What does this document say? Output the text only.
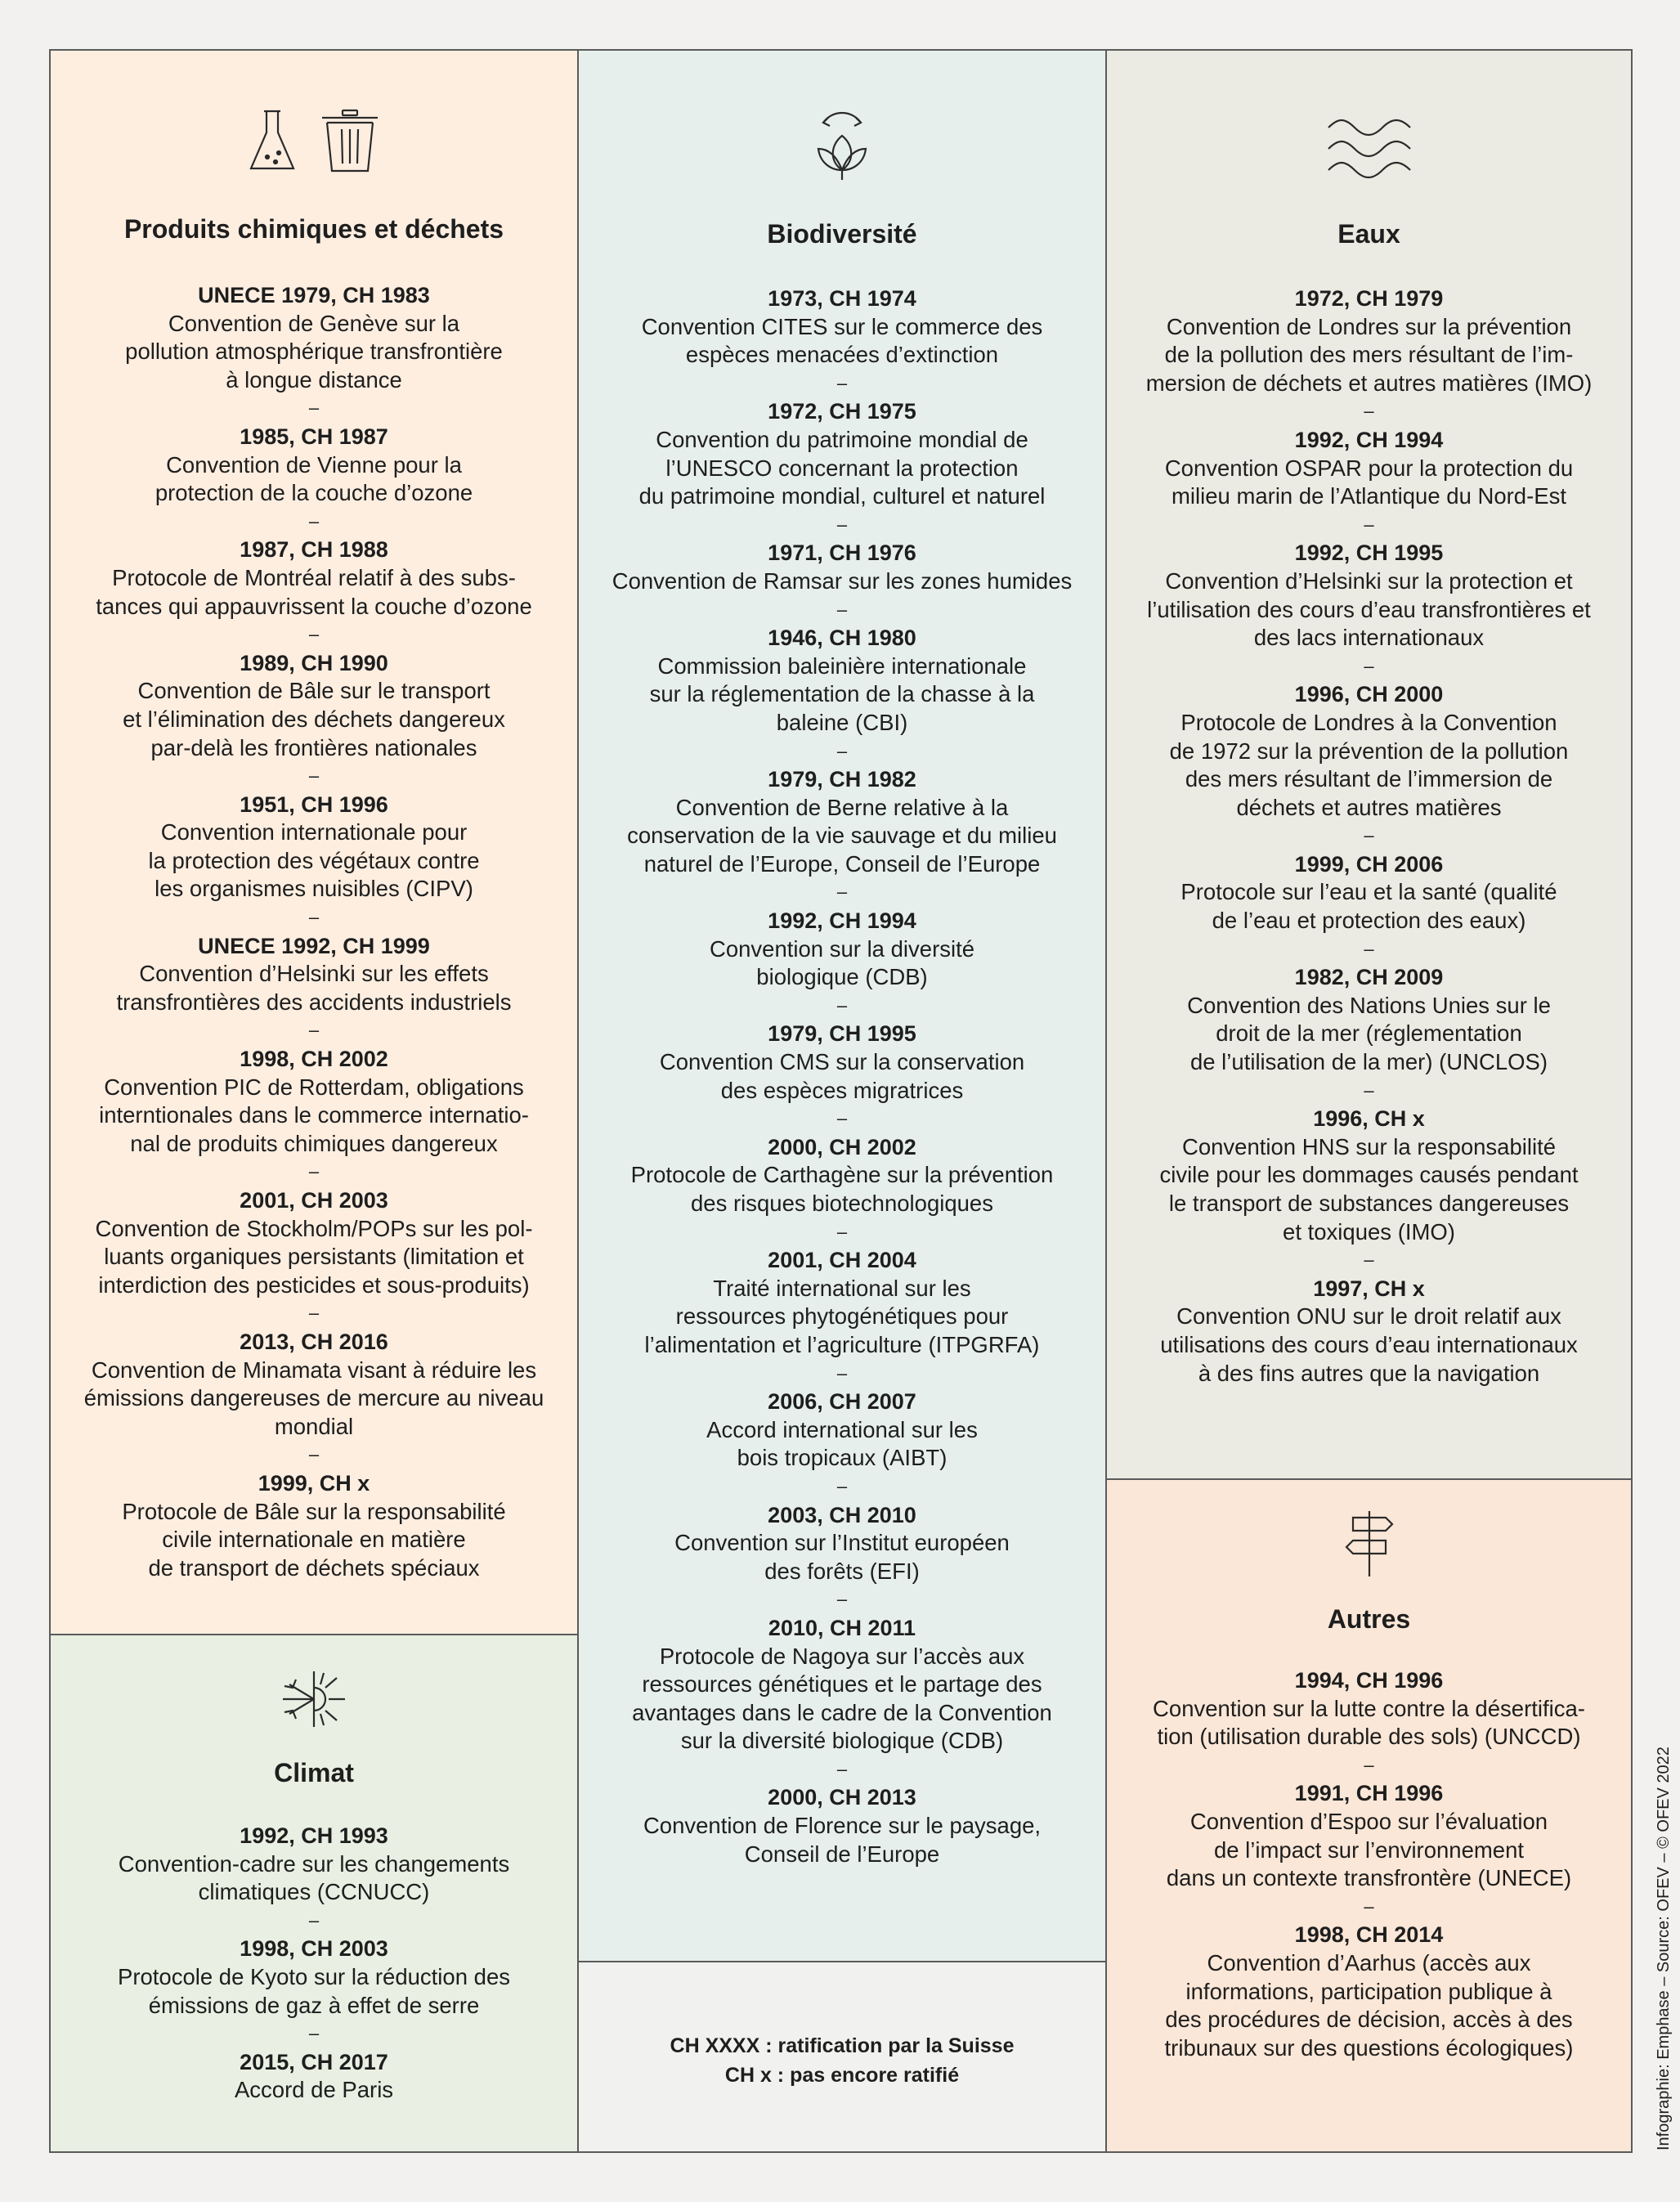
Produits chimiques et déchets
UNECE 1979, CH 1983
Convention de Genève sur la
pollution atmosphérique transfrontière
à longue distance
–
1985, CH 1987
Convention de Vienne pour la
protection de la couche d’ozone
–
1987, CH 1988
Protocole de Montréal relatif à des subs-
tances qui appauvrissent la couche d’ozone
–
1989, CH 1990
Convention de Bâle sur le transport
et l’élimination des déchets dangereux
par-delà les frontières nationales
–
1951, CH 1996
Convention internationale pour
la protection des végétaux contre
les organismes nuisibles (CIPV)
–
UNECE 1992, CH 1999
Convention d’Helsinki sur les effets
transfrontières des accidents industriels
–
1998, CH 2002
Convention PIC de Rotterdam, obligations
interntionales dans le commerce internatio-
nal de produits chimiques dangereux
–
2001, CH 2003
Convention de Stockholm/POPs sur les pol-
luants organiques persistants (limitation et
interdiction des pesticides et sous-produits)
–
2013, CH 2016
Convention de Minamata visant à réduire les
émissions dangereuses de mercure au niveau
mondial
–
1999, CH x
Protocole de Bâle sur la responsabilité
civile internationale en matière
de transport de déchets spéciaux
Climat
1992, CH 1993
Convention-cadre sur les changements
climatiques (CCNUCC)
–
1998, CH 2003
Protocole de Kyoto sur la réduction des
émissions de gaz à effet de serre
–
2015, CH 2017
Accord de Paris
Biodiversité
1973, CH 1974
Convention CITES sur le commerce des
espèces menacées d’extinction
–
1972, CH 1975
Convention du patrimoine mondial de
l’UNESCO concernant la protection
du patrimoine mondial, culturel et naturel
–
1971, CH 1976
Convention de Ramsar sur les zones humides
–
1946, CH 1980
Commission baleinière internationale
sur la réglementation de la chasse à la
baleine (CBI)
–
1979, CH 1982
Convention de Berne relative à la
conservation de la vie sauvage et du milieu
naturel de l’Europe, Conseil de l’Europe
–
1992, CH 1994
Convention sur la diversité
biologique (CDB)
–
1979, CH 1995
Convention CMS sur la conservation
des espèces migratrices
–
2000, CH 2002
Protocole de Carthagène sur la prévention
des risques biotechnologiques
–
2001, CH 2004
Traité international sur les
ressources phytogénétiques pour
l’alimentation et l’agriculture (ITPGRFA)
–
2006, CH 2007
Accord international sur les
bois tropicaux (AIBT)
–
2003, CH 2010
Convention sur l’Institut européen
des forêts (EFI)
–
2010, CH 2011
Protocole de Nagoya sur l’accès aux
ressources génétiques et le partage des
avantages dans le cadre de la Convention
sur la diversité biologique (CDB)
–
2000, CH 2013
Convention de Florence sur le paysage,
Conseil de l’Europe
CH XXXX : ratification par la Suisse
CH x : pas encore ratifié
Eaux
1972, CH 1979
Convention de Londres sur la prévention
de la pollution des mers résultant de l’im-
mersion de déchets et autres matières (IMO)
–
1992, CH 1994
Convention OSPAR pour la protection du
milieu marin de l’Atlantique du Nord-Est
–
1992, CH 1995
Convention d’Helsinki sur la protection et
l’utilisation des cours d’eau transfrontières et
des lacs internationaux
–
1996, CH 2000
Protocole de Londres à la Convention
de 1972 sur la prévention de la pollution
des mers résultant de l’immersion de
déchets et autres matières
–
1999, CH 2006
Protocole sur l’eau et la santé (qualité
de l’eau et protection des eaux)
–
1982, CH 2009
Convention des Nations Unies sur le
droit de la mer (réglementation
de l’utilisation de la mer) (UNCLOS)
–
1996, CH x
Convention HNS sur la responsabilité
civile pour les dommages causés pendant
le transport de substances dangereuses
et toxiques (IMO)
–
1997, CH x
Convention ONU sur le droit relatif aux
utilisations des cours d’eau internationaux
à des fins autres que la navigation
Autres
1994, CH 1996
Convention sur la lutte contre la désertifica-
tion (utilisation durable des sols) (UNCCD)
–
1991, CH 1996
Convention d’Espoo sur l’évaluation
de l’impact sur l’environnement
dans un contexte transfrontère (UNECE)
–
1998, CH 2014
Convention d’Aarhus (accès aux
informations, participation publique à
des procédures de décision, accès à des
tribunaux sur des questions écologiques)	Infographie: Emphase – Source: OFEV – © OFEV 2022
